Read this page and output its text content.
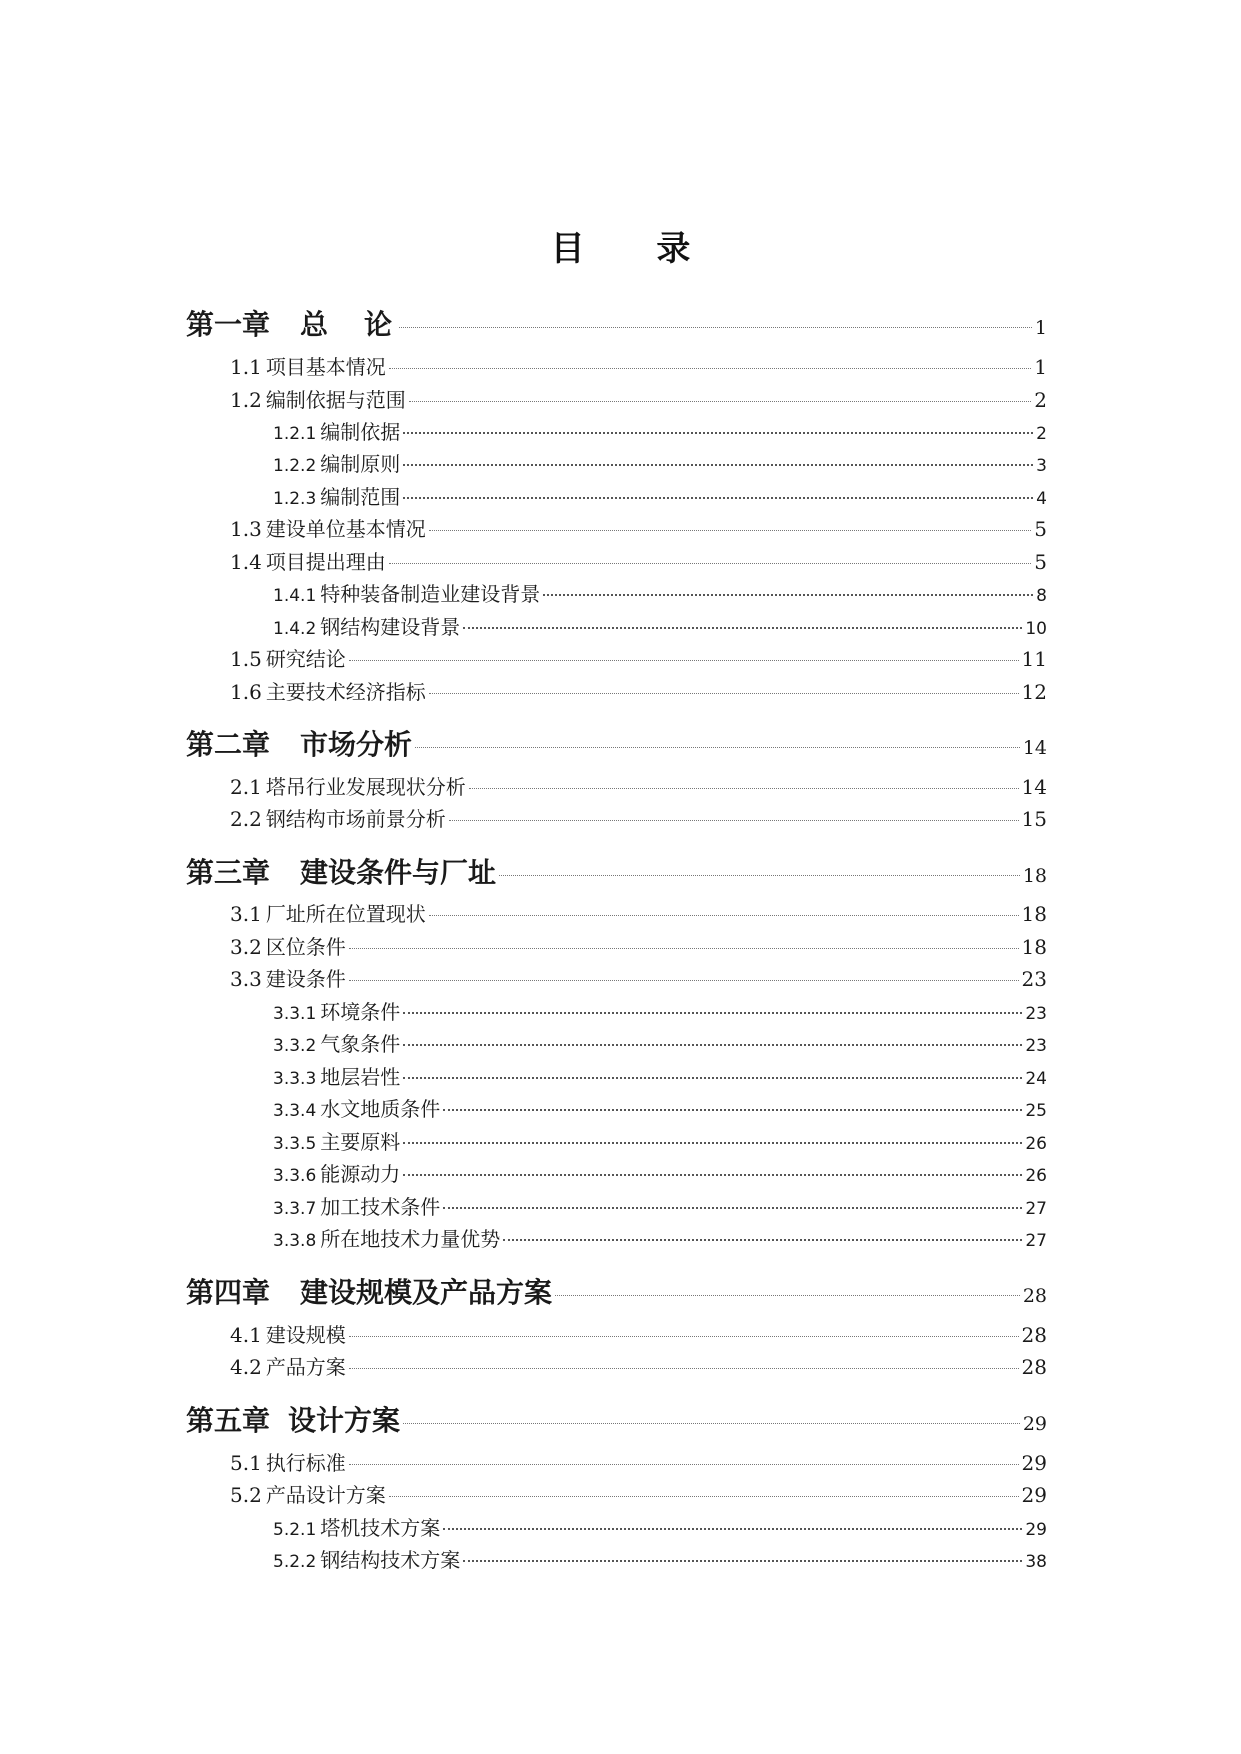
目 录
第一章 总　论	1
1.1 项目基本情况	1
1.2 编制依据与范围	2
1.2.1 编制依据	2
1.2.2 编制原则	3
1.2.3 编制范围	4
1.3 建设单位基本情况	5
1.4 项目提出理由	5
1.4.1 特种装备制造业建设背景	8
1.4.2 钢结构建设背景	10
1.5 研究结论	11
1.6 主要技术经济指标	12
第二章 市场分析	14
2.1 塔吊行业发展现状分析	14
2.2 钢结构市场前景分析	15
第三章 建设条件与厂址	18
3.1 厂址所在位置现状	18
3.2 区位条件	18
3.3 建设条件	23
3.3.1 环境条件	23
3.3.2 气象条件	23
3.3.3 地层岩性	24
3.3.4 水文地质条件	25
3.3.5 主要原料	26
3.3.6 能源动力	26
3.3.7 加工技术条件	27
3.3.8 所在地技术力量优势	27
第四章 建设规模及产品方案	28
4.1 建设规模	28
4.2 产品方案	28
第五章 设计方案	29
5.1 执行标准	29
5.2 产品设计方案	29
5.2.1 塔机技术方案	29
5.2.2 钢结构技术方案	38
